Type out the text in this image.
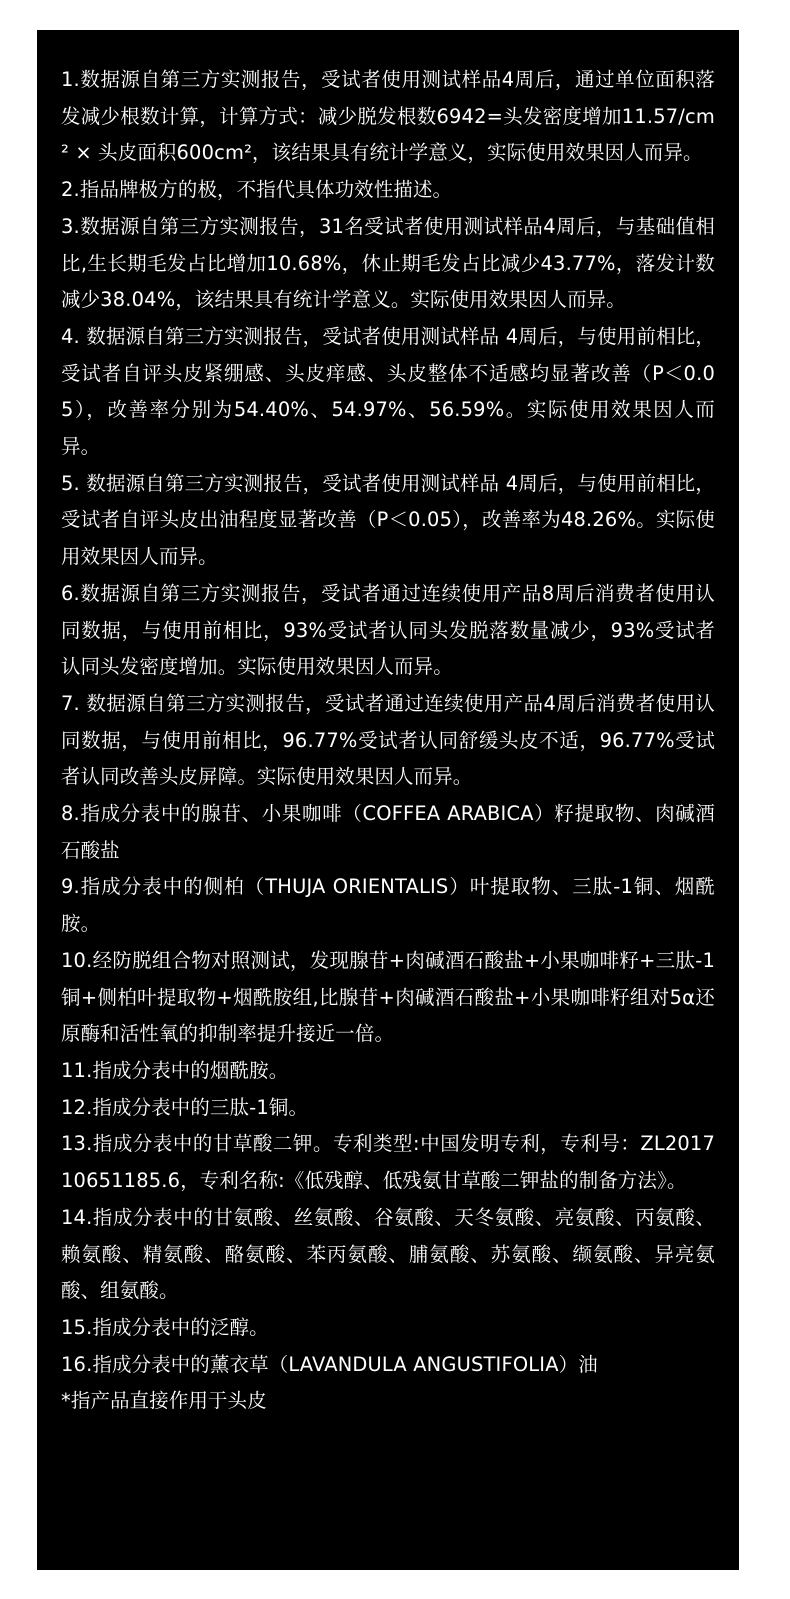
1.数据源自第三方实测报告，受试者使用测试样品4周后，通过单位面积落发减少根数计算，计算方式：减少脱发根数6942=头发密度增加11.57/cm² × 头皮面积600cm²，该结果具有统计学意义，实际使用效果因人而异。
2.指品牌极方的极，不指代具体功效性描述。
3.数据源自第三方实测报告，31名受试者使用测试样品4周后，与基础值相比,生长期毛发占比增加10.68%，休止期毛发占比减少43.77%，落发计数减少38.04%，该结果具有统计学意义。实际使用效果因人而异。
4. 数据源自第三方实测报告，受试者使用测试样品 4周后，与使用前相比，受试者自评头皮紧绷感、头皮痒感、头皮整体不适感均显著改善（P＜0.05），改善率分别为54.40%、54.97%、56.59%。实际使用效果因人而异。
5. 数据源自第三方实测报告，受试者使用测试样品 4周后，与使用前相比，受试者自评头皮出油程度显著改善（P＜0.05），改善率为48.26%。实际使用效果因人而异。
6.数据源自第三方实测报告，受试者通过连续使用产品8周后消费者使用认同数据，与使用前相比，93%受试者认同头发脱落数量减少，93%受试者认同头发密度增加。实际使用效果因人而异。
7. 数据源自第三方实测报告，受试者通过连续使用产品4周后消费者使用认同数据，与使用前相比，96.77%受试者认同舒缓头皮不适，96.77%受试者认同改善头皮屏障。实际使用效果因人而异。
8.指成分表中的腺苷、小果咖啡（COFFEA ARABICA）籽提取物、肉碱酒石酸盐
9.指成分表中的侧柏（THUJA ORIENTALIS）叶提取物、三肽-1铜、烟酰胺。
10.经防脱组合物对照测试，发现腺苷+肉碱酒石酸盐+小果咖啡籽+三肽-1铜+侧柏叶提取物+烟酰胺组,比腺苷+肉碱酒石酸盐+小果咖啡籽组对5α还原酶和活性氧的抑制率提升接近一倍。
11.指成分表中的烟酰胺。
12.指成分表中的三肽-1铜。
13.指成分表中的甘草酸二钾。专利类型:中国发明专利，专利号：ZL201710651185.6，专利名称:《低残醇、低残氨甘草酸二钾盐的制备方法》。
14.指成分表中的甘氨酸、丝氨酸、谷氨酸、天冬氨酸、亮氨酸、丙氨酸、赖氨酸、精氨酸、酪氨酸、苯丙氨酸、脯氨酸、苏氨酸、缬氨酸、异亮氨酸、组氨酸。
15.指成分表中的泛醇。
16.指成分表中的薰衣草（LAVANDULA ANGUSTIFOLIA）油
*指产品直接作用于头皮
